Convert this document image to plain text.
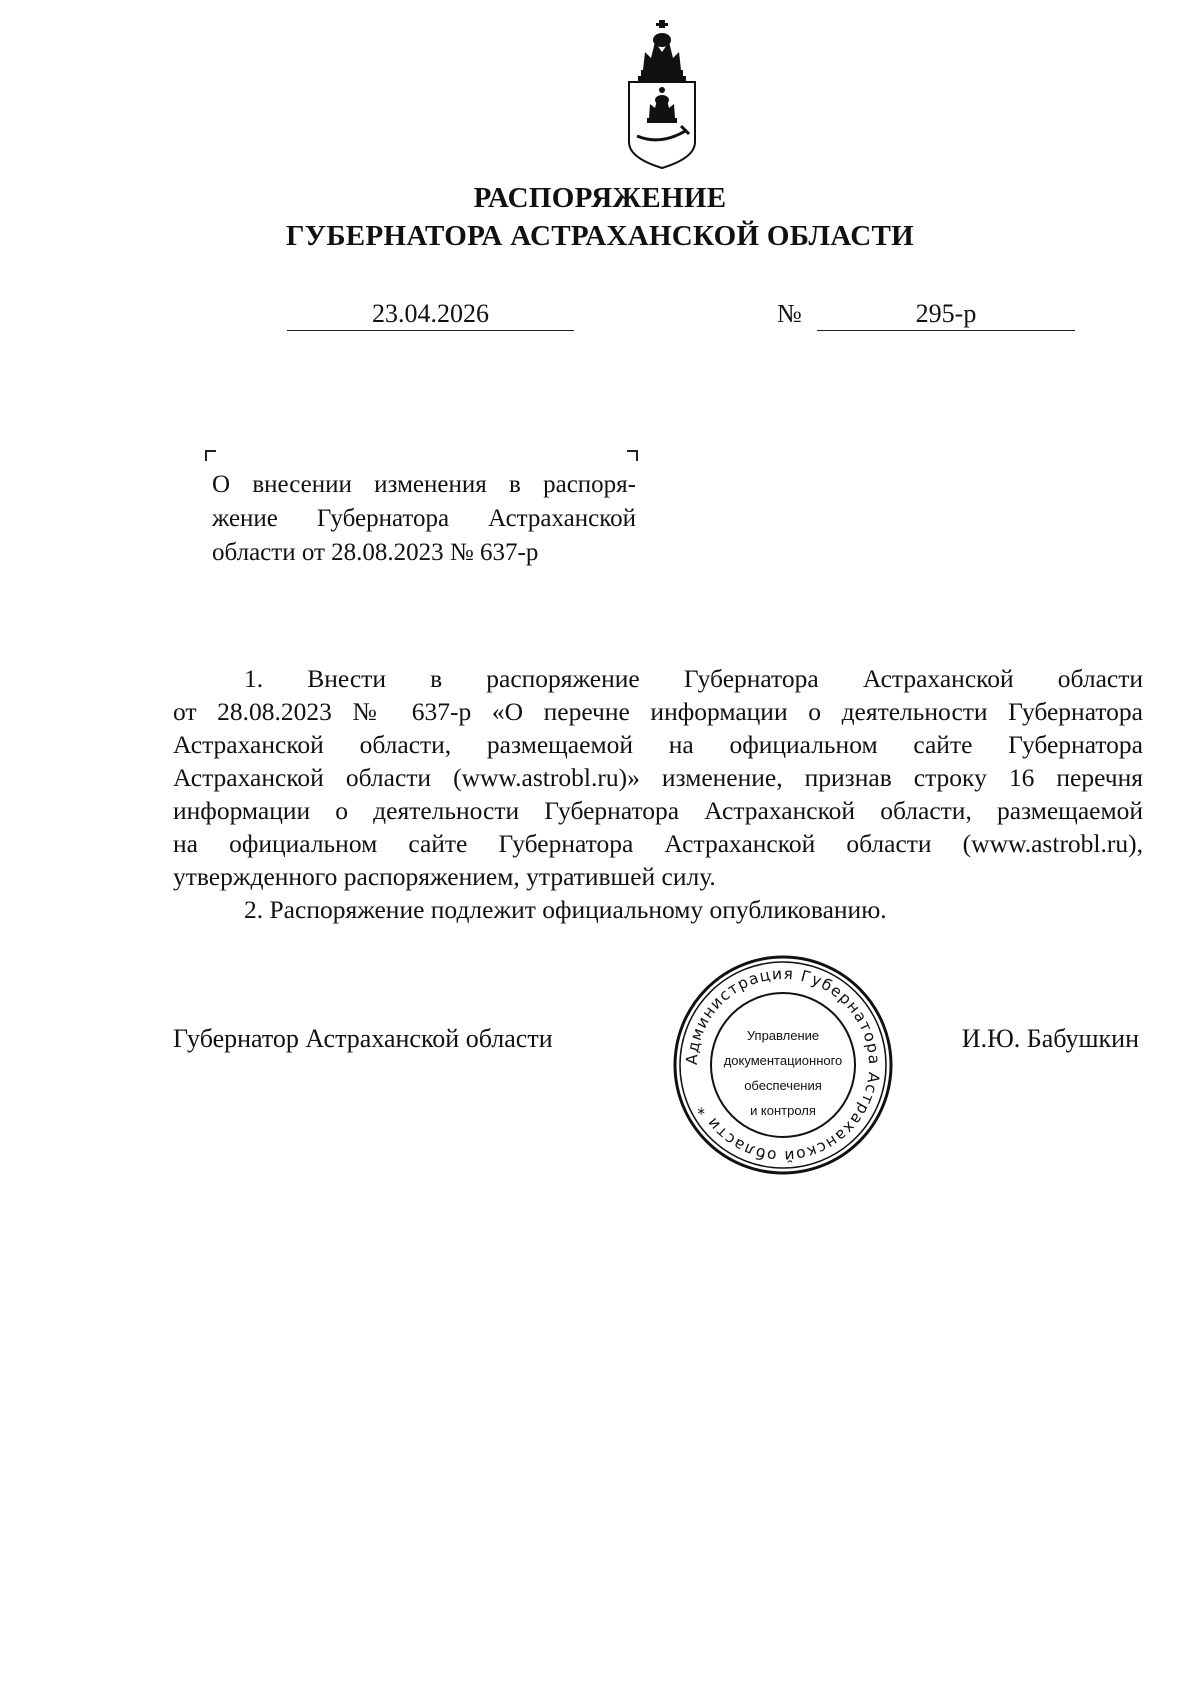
РАСПОРЯЖЕНИЕ
ГУБЕРНАТОРА АСТРАХАНСКОЙ ОБЛАСТИ
23.04.2026	№	295-р
О внесении изменения в распоря-
жение Губернатора Астраханской
области от 28.08.2023 № 637-р
1. Внести в распоряжение Губернатора Астраханской области
от 28.08.2023 № 637-р «О перечне информации о деятельности Губернатора
Астраханской области, размещаемой на официальном сайте Губернатора
Астраханской области (www.astrobl.ru)» изменение, признав строку 16 перечня
информации о деятельности Губернатора Астраханской области, размещаемой
на официальном сайте Губернатора Астраханской области (www.astrobl.ru),
утвержденного распоряжением, утратившей силу.
2. Распоряжение подлежит официальному опубликованию.
Губернатор Астраханской области	И.Ю. Бабушкин
Администрация Губернатора Астраханской области *
Управление
документационного
обеспечения
и контроля
